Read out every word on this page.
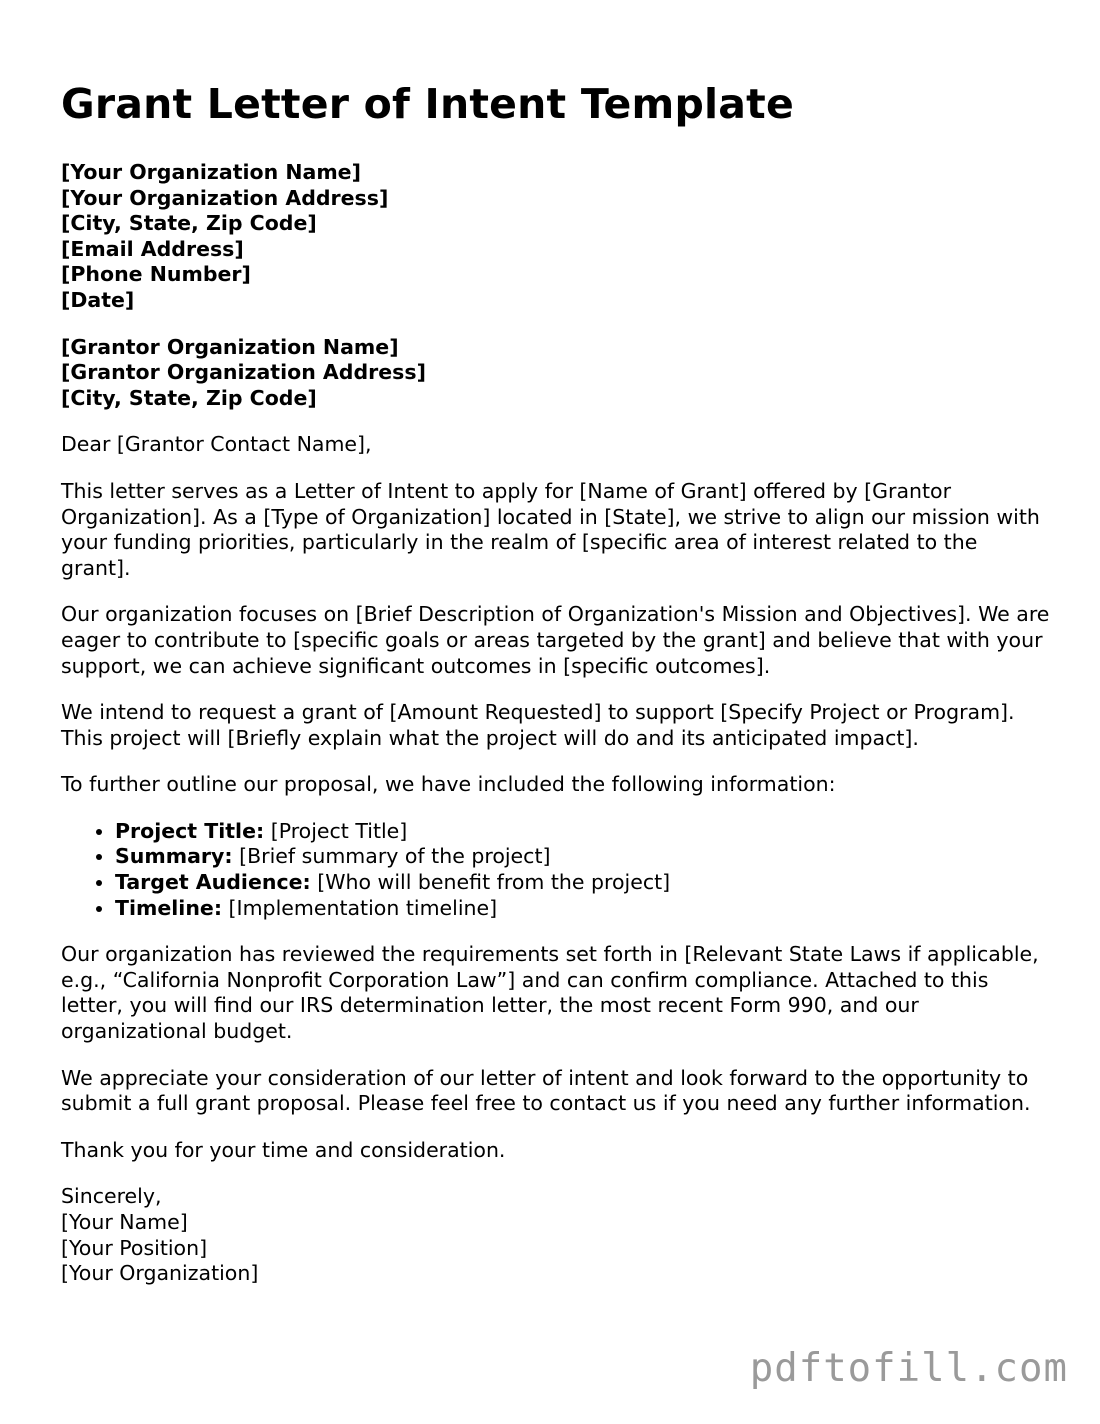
Grant Letter of Intent Template
[Your Organization Name]
[Your Organization Address]
[City, State, Zip Code]
[Email Address]
[Phone Number]
[Date]
[Grantor Organization Name]
[Grantor Organization Address]
[City, State, Zip Code]

Dear [Grantor Contact Name],

This letter serves as a Letter of Intent to apply for [Name of Grant] offered by [Grantor Organization]. As a [Type of Organization] located in [State], we strive to align our mission with your funding priorities, particularly in the realm of [specific area of interest related to the grant].

Our organization focuses on [Brief Description of Organization's Mission and Objectives]. We are eager to contribute to [specific goals or areas targeted by the grant] and believe that with your support, we can achieve significant outcomes in [specific outcomes].

We intend to request a grant of [Amount Requested] to support [Specify Project or Program]. This project will [Briefly explain what the project will do and its anticipated impact].

To further outline our proposal, we have included the following information:

• Project Title: [Project Title]
• Summary: [Brief summary of the project]
• Target Audience: [Who will benefit from the project]
• Timeline: [Implementation timeline]

Our organization has reviewed the requirements set forth in [Relevant State Laws if applicable, e.g., “California Nonprofit Corporation Law”] and can confirm compliance. Attached to this letter, you will find our IRS determination letter, the most recent Form 990, and our organizational budget.

We appreciate your consideration of our letter of intent and look forward to the opportunity to submit a full grant proposal. Please feel free to contact us if you need any further information.

Thank you for your time and consideration.

Sincerely,
[Your Name]
[Your Position]
[Your Organization]
pdftofill.com
